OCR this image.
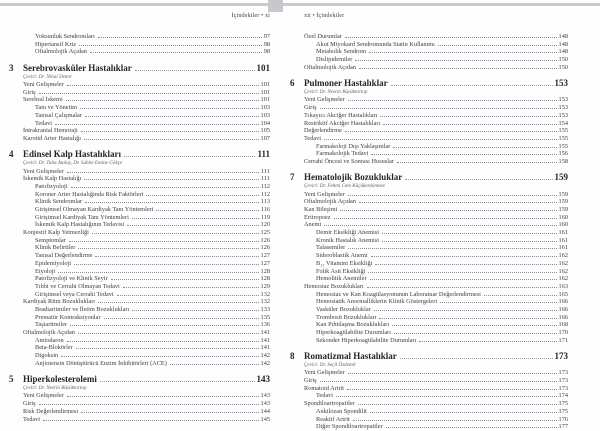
İçindekiler • xi
Yoksunluk Sendromları	97
Hipertansif Kriz	98
Oftalmolojik Açıdan	98
3	Serebrovasküler Hastalıklar	101
Çeviri: Dr. Nihal Demir
Yeni Gelişmeler	101
Giriş	101
Serebral İskemi	101
Tanı ve Yönetim	103
Tanısal Çalışmalar	103
Tedavi	104
İntrakranial Hemoraji	105
Karotid Arter Hastalığı	107
4	Edinsel Kalp Hastalıkları	111
Çeviri: Dr. Tuba Atalay, Dr. Sabite Emine Gökçe
Yeni Gelişmeler	111
İskemik Kalp Hastalığı	111
Patofizyoloji	112
Koroner Arter Hastalığında Risk Faktörleri	112
Klinik Sendromlar	113
Girişimsel Olmayan Kardiyak Tanı Yöntemleri	116
Girişimsel Kardiyak Tanı Yöntemleri	119
İskemik Kalp Hastalığının Tedavisi	120
Konjestif Kalp Yetmezliği	125
Semptomlar	126
Klinik Belirtiler	126
Tanısal Değerlendirme	127
Epidemiyoloji	127
Etyoloji	128
Patofizyoloji ve Klinik Seyir	128
Tıbbi ve Cerrahi Olmayan Tedavi	129
Girişimsel veya Cerrahi Tedavi	132
Kardiyak Ritm Bozuklukları	132
Bradiaritmiler ve İletim Bozuklukları	133
Prematür Kontraksiyonlar	135
Taşiaritmiler	136
Oftalmolojik Açıdan	141
Amiodaron	141
Beta-Blokörler	141
Digoksin	142
Anjiotensin Dönüştürücü Enzim İnhibitörleri (ACE)	142
5	Hiperkolesterolemi	143
Çeviri: Dr. Nesrin Büyüktortop
Yeni Gelişmeler	143
Giriş	143
Risk Değerlendirmesi	144
Tedavi	145
xii • İçindekiler
Özel Durumlar	148
Akut Miyokard Sendromunda Statin Kullanımı	148
Metabolik Sendrom	148
Dislipidemiler	150
Oftalmolojik Açıdan	150
6	Pulmoner Hastalıklar	153
Çeviri: Dr. Nesrin Büyüktortop
Yeni Gelişmeler	153
Giriş	153
Tıkayıcı Akciğer Hastalıkları	153
Restriktif Akciğer Hastalıkları	154
Değerlendirme	155
Tedavi	155
Farmakoloji Dışı Yaklaşımlar	155
Farmakolojik Tedavi	156
Cerrahi Öncesi ve Sonrası Hususlar	158
7	Hematolojik Bozukluklar	159
Çeviri: Dr. Fehmi Cem Küçükerdönmez
Yeni Gelişmeler	159
Oftalmolojik Açıdan	159
Kan Bileşimi	159
Eritropoez	160
Anemi	160
Demir Eksikliği Anemisi	161
Kronik Hastalık Anemisi	161
Talasemiler	161
Sideroblastik Anemi	162
B₁₂ Vitamini Eksikliği	162
Folik Asit Eksikliği	162
Hemolitik Anemiler	162
Hemostaz Bozuklukları	163
Hemostaz ve Kan Koagülasyonunun Laboratuar Değerlendirmesi	165
Hemostatik Anormalliklerin Klinik Göstergeleri	166
Vasküler Bozukluklar	166
Trombosit Bozuklukları	166
Kan Pıhtılaşma Bozuklukları	168
Hiperkoagülabilite Durumları	170
Sekonder Hiperkoagülabilite Durumları	171
8	Romatizmal Hastalıklar	173
Çeviri: Dr. Seçil Özdemir
Yeni Gelişmeler	173
Giriş	173
Romatoid Artrit	173
Tedavi	174
Spondiloartropatiler	175
Ankilozan Spondilit	175
Reaktif Artrit	176
Diğer Spondiloartropatiler	177
